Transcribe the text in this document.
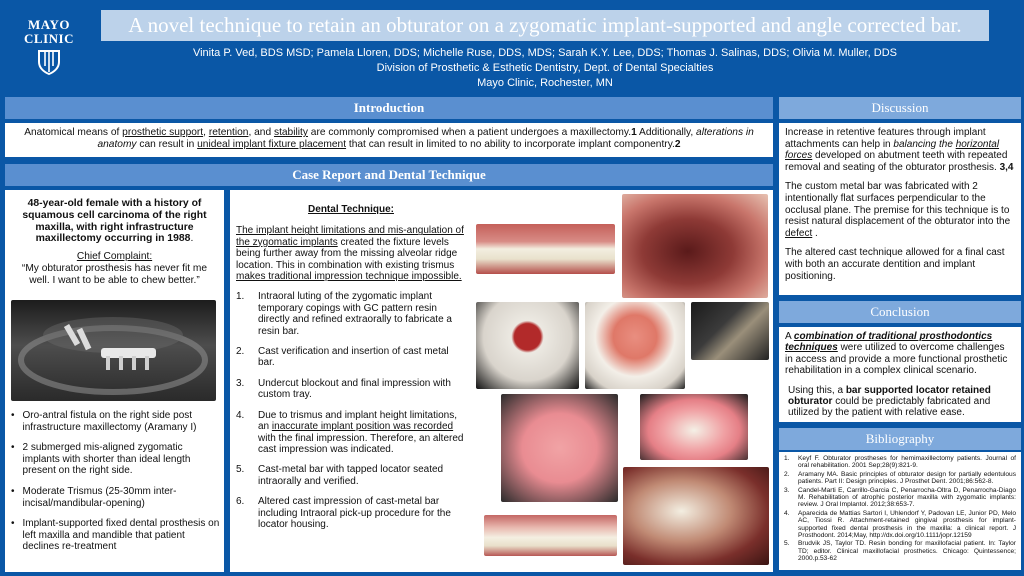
MAYO
CLINIC
A novel technique to retain an obturator on a zygomatic implant-supported and angle corrected bar.
Vinita P. Ved, BDS MSD; Pamela Lloren, DDS; Michelle Ruse, DDS, MDS; Sarah K.Y. Lee, DDS; Thomas J. Salinas, DDS; Olivia M. Muller, DDS
Division of Prosthetic & Esthetic Dentistry, Dept. of Dental Specialties
Mayo Clinic, Rochester, MN
Introduction
Anatomical means of prosthetic support, retention, and stability are commonly compromised when a patient undergoes a maxillectomy.1 Additionally, alterations in anatomy can result in unideal implant fixture placement that can result in limited to no ability to incorporate implant componentry.2
Case Report and Dental Technique
48-year-old female with a history of squamous cell carcinoma of the right maxilla, with right infrastructure maxillectomy occurring in 1988.
Chief Complaint:
“My obturator prosthesis has never fit me well. I want to be able to chew better.”
• Oro-antral fistula on the right side post infrastructure maxillectomy (Aramany I)
• 2 submerged mis-aligned zygomatic implants with shorter than ideal length present on the right side.
• Moderate Trismus (25-30mm inter-incisal/mandibular-opening)
• Implant-supported fixed dental prosthesis on left maxilla and mandible that patient declines re-treatment
Dental Technique:
The implant height limitations and mis-angulation of the zygomatic implants created the fixture levels being further away from the missing alveolar ridge location. This in combination with existing trismus makes traditional impression technique impossible.
1.	Intraoral luting of the zygomatic implant temporary copings with GC pattern resin directly and refined extraorally to fabricate a resin bar.
2.	Cast verification and insertion of cast metal bar.
3.	Undercut blockout and final impression with custom tray.
4.	Due to trismus and implant height limitations, an inaccurate implant position was recorded with the final impression. Therefore, an altered cast impression was indicated.
5.	Cast-metal bar with tapped locator seated intraorally and verified.
6.	Altered cast impression of cast-metal bar including Intraoral pick-up procedure for the locator housing.
Discussion
Increase in retentive features through implant attachments can help in balancing the horizontal forces developed on abutment teeth with repeated removal and seating of the obturator prosthesis. 3,4
The custom metal bar was fabricated with 2 intentionally flat surfaces perpendicular to the occlusal plane. The premise for this technique is to resist natural displacement of the obturator into the defect .
The altered cast technique allowed for a final cast with both an accurate dentition and implant positioning.
Conclusion
A combination of traditional prosthodontics techniques were utilized to overcome challenges in access and provide a more functional prosthetic rehabilitation in a complex clinical scenario.
Using this, a bar supported locator retained obturator could be predictably fabricated and utilized by the patient with relative ease.
Bibliography
1.	Keyf F. Obturator prostheses for hemimaxillectomy patients. Journal of oral rehabilitation. 2001 Sep;28(9):821-9.
2.	Aramany MA. Basic principles of obturator design for partially edentulous patients. Part II: Design principles. J Prosthet Dent. 2001;86:562-8.
3.	Candel-Marti E, Carrillo-Garcia C, Penarrocha-Oltra D, Penarrocha-Diago M. Rehabilitation of atrophic posterior maxilla with zygomatic implants: review. J Oral Implantol. 2012;38:653-7.
4.	Aparecida de Mattias Sartori I, Uhlendorf Y, Padovan LE, Junior PD, Melo AC, Tiossi R. Attachment-retained gingival prosthesis for implant-supported fixed dental prosthesis in the maxilla: a clinical report. J Prosthodont. 2014;May, http://dx.doi.org/10.1111/jopr.12159
5.	Brudvik JS, Taylor TD. Resin bonding for maxillofacial patient. In: Taylor TD; editor. Clinical maxillofacial prosthetics. Chicago: Quintessence; 2000.p.53-62
